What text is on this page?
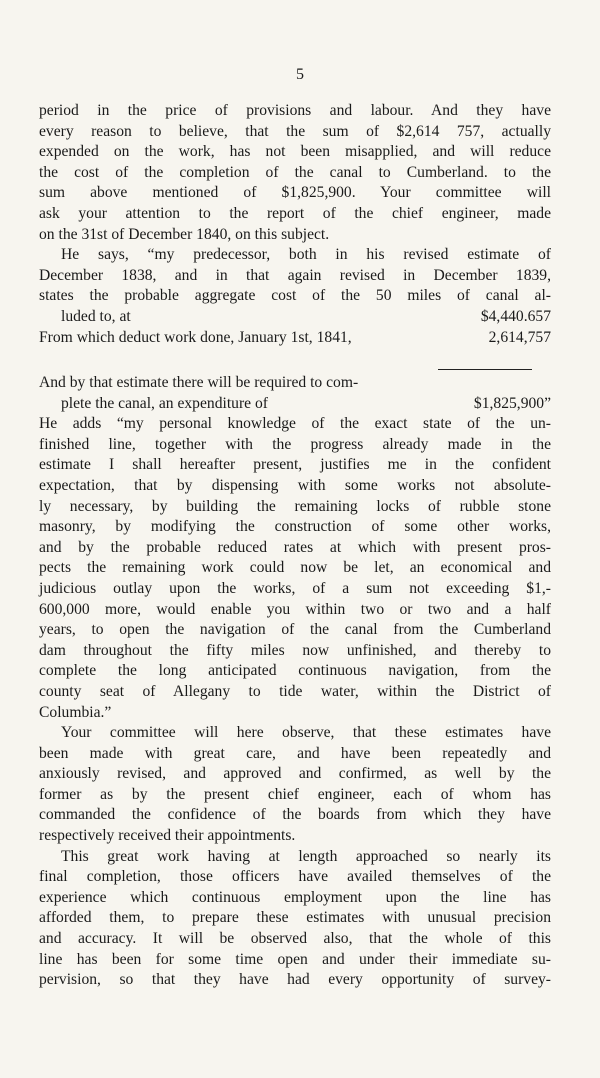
5
period in the price of provisions and labour. And they have
every reason to believe, that the sum of $2,614 757, actually
expended on the work, has not been misapplied, and will reduce
the cost of the completion of the canal to Cumberland. to the
sum above mentioned of $1,825,900. Your committee will
ask your attention to the report of the chief engineer, made
on the 31st of December 1840, on this subject.
He says, “my predecessor, both in his revised estimate of
December 1838, and in that again revised in December 1839,
states the probable aggregate cost of the 50 miles of canal al-
luded to, at	$4,440.657
From which deduct work done, January 1st, 1841,	2,614,757
And by that estimate there will be required to com-
plete the canal, an expenditure of	$1,825,900”
He adds “my personal knowledge of the exact state of the un-
finished line, together with the progress already made in the
estimate I shall hereafter present, justifies me in the confident
expectation, that by dispensing with some works not absolute-
ly necessary, by building the remaining locks of rubble stone
masonry, by modifying the construction of some other works,
and by the probable reduced rates at which with present pros-
pects the remaining work could now be let, an economical and
judicious outlay upon the works, of a sum not exceeding $1,-
600,000 more, would enable you within two or two and a half
years, to open the navigation of the canal from the Cumberland
dam throughout the fifty miles now unfinished, and thereby to
complete the long anticipated continuous navigation, from the
county seat of Allegany to tide water, within the District of
Columbia.”
Your committee will here observe, that these estimates have
been made with great care, and have been repeatedly and
anxiously revised, and approved and confirmed, as well by the
former as by the present chief engineer, each of whom has
commanded the confidence of the boards from which they have
respectively received their appointments.
This great work having at length approached so nearly its
final completion, those officers have availed themselves of the
experience which continuous employment upon the line has
afforded them, to prepare these estimates with unusual precision
and accuracy. It will be observed also, that the whole of this
line has been for some time open and under their immediate su-
pervision, so that they have had every opportunity of survey-
